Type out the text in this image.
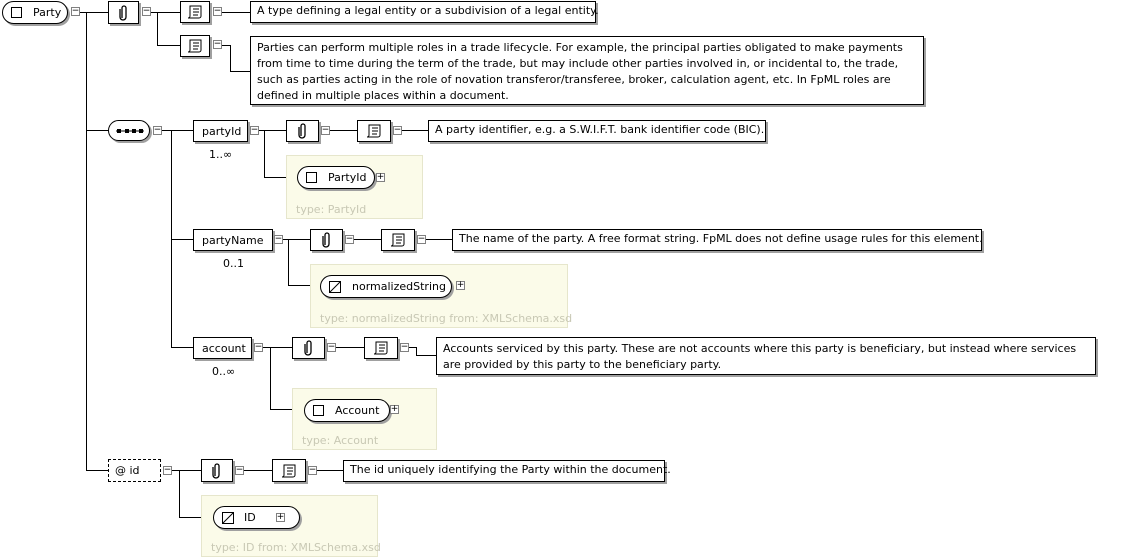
Party −	−	−	A type defining a legal entity or a subdivision of a legal entity.
−	Parties can perform multiple roles in a trade lifecycle. For example, the principal parties obligated to make payments from time to time during the term of the trade, but may include other parties involved in, or incidental to, the trade, such as parties acting in the role of novation transferor/transferee, broker, calculation agent, etc. In FpML roles are defined in multiple places within a document.
−	partyId −
1..∞
−	−	A party identifier, e.g. a S.W.I.F.T. bank identifier code (BIC).
PartyId +
type: PartyId
partyName −
0..1
−	−	The name of the party. A free format string. FpML does not define usage rules for this element.
normalizedString +
type: normalizedString from: XMLSchema.xsd
account −
0..∞
−	−	Accounts serviced by this party. These are not accounts where this party is beneficiary, but instead where services are provided by this party to the beneficiary party.
Account +
type: Account
@ id	−	−	−	The id uniquely identifying the Party within the document.
ID +
type: ID from: XMLSchema.xsd
